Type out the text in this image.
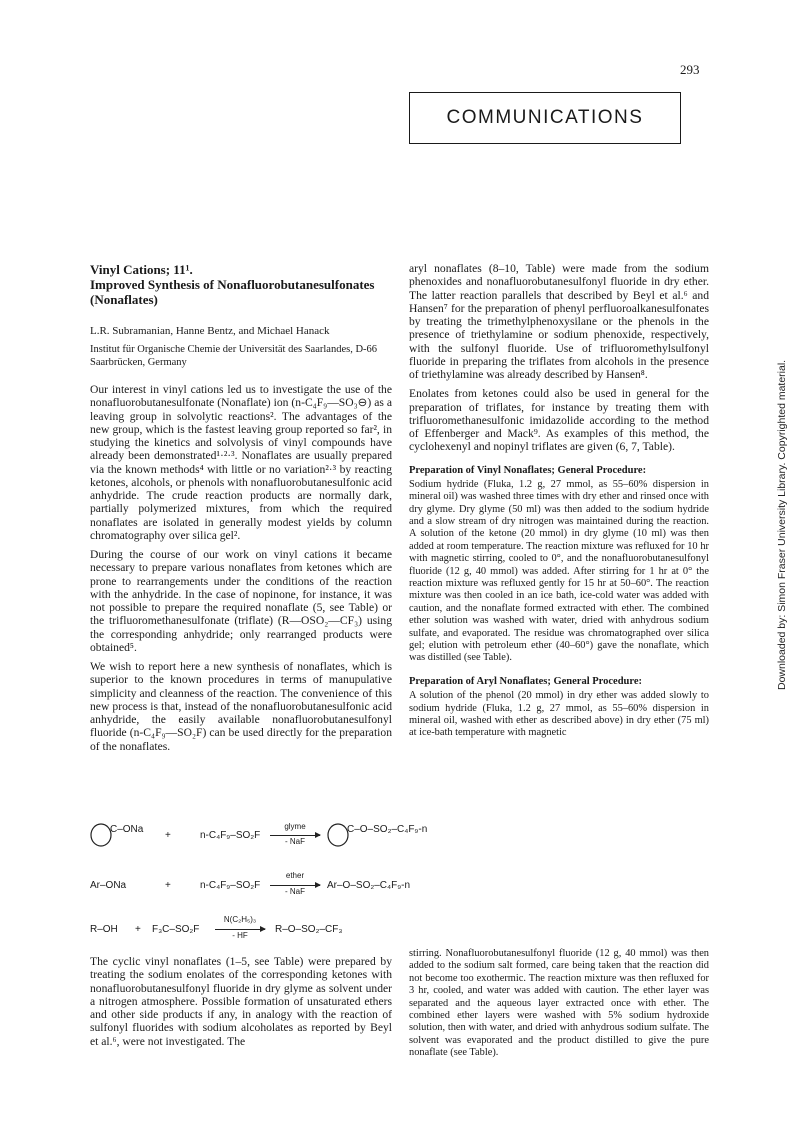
293
COMMUNICATIONS
Downloaded by: Simon Fraser University Library. Copyrighted material.
Vinyl Cations; 11¹.
Improved Synthesis of Nonafluorobutanesulfonates (Nonaflates)
L.R. Subramanian, Hanne Bentz, and Michael Hanack
Institut für Organische Chemie der Universität des Saarlandes, D-66 Saarbrücken, Germany

Our interest in vinyl cations led us to investigate the use of the nonafluorobutanesulfonate (Nonaflate) ion (n-C₄F₉—SO₃⊖) as a leaving group in solvolytic reactions². The advantages of the new group, which is the fastest leaving group reported so far², in studying the kinetics and solvolysis of vinyl compounds have already been demonstrated¹·²·³. Nonaflates are usually prepared via the known methods⁴ with little or no variation²·³ by reacting ketones, alcohols, or phenols with nonafluorobutanesulfonic acid anhydride. The crude reaction products are normally dark, partially polymerized mixtures, from which the required nonaflates are isolated in generally modest yields by column chromatography over silica gel².

During the course of our work on vinyl cations it became necessary to prepare various nonaflates from ketones which are prone to rearrangements under the conditions of the reaction with the anhydride. In the case of nopinone, for instance, it was not possible to prepare the required nonaflate (5, see Table) or the trifluoromethanesulfonate (triflate) (R—OSO₂—CF₃) using the corresponding anhydride; only rearranged products were obtained⁵.

We wish to report here a new synthesis of nonaflates, which is superior to the known procedures in terms of manupulative simplicity and cleanness of the reaction. The convenience of this new process is that, instead of the nonafluorobutanesulfonic acid anhydride, the easily available nonafluorobutanesulfonyl fluoride (n-C₄F₉—SO₂F) can be used directly for the preparation of the nonaflates.

C–ONa
+	n-C₄F₉–SO₂F
glyme
- NaF
C–O–SO₂–C₄F₉-n
Ar–ONa	+	n-C₄F₉–SO₂F
ether
- NaF
Ar–O–SO₂–C₄F₉-n
R–OH + F₃C–SO₂F
N(C₂H₅)₃
- HF
R–O–SO₂–CF₃

The cyclic vinyl nonaflates (1–5, see Table) were prepared by treating the sodium enolates of the corresponding ketones with nonafluorobutanesulfonyl fluoride in dry glyme as solvent under a nitrogen atmosphere. Possible formation of unsaturated ethers and other side products if any, in analogy with the reaction of sulfonyl fluorides with sodium alcoholates as reported by Beyl et al.⁶, were not investigated. The

aryl nonaflates (8–10, Table) were made from the sodium phenoxides and nonafluorobutanesulfonyl fluoride in dry ether. The latter reaction parallels that described by Beyl et al.⁶ and Hansen⁷ for the preparation of phenyl perfluoroalkanesulfonates by treating the trimethylphenoxysilane or the phenols in the presence of triethylamine or sodium phenoxide, respectively, with the sulfonyl fluoride. Use of trifluoromethylsulfonyl fluoride in preparing the triflates from alcohols in the presence of triethylamine was already described by Hansen⁸.

Enolates from ketones could also be used in general for the preparation of triflates, for instance by treating them with trifluoromethanesulfonic imidazolide according to the method of Effenberger and Mack⁹. As examples of this method, the cyclohexenyl and nopinyl triflates are given (6, 7, Table).

Preparation of Vinyl Nonaflates; General Procedure:

Sodium hydride (Fluka, 1.2 g, 27 mmol, as 55–60% dispersion in mineral oil) was washed three times with dry ether and rinsed once with dry glyme. Dry glyme (50 ml) was then added to the sodium hydride and a slow stream of dry nitrogen was maintained during the reaction. A solution of the ketone (20 mmol) in dry glyme (10 ml) was then added at room temperature. The reaction mixture was refluxed for 10 hr with magnetic stirring, cooled to 0°, and the nonafluorobutanesulfonyl fluoride (12 g, 40 mmol) was added. After stirring for 1 hr at 0° the reaction mixture was refluxed gently for 15 hr at 50–60°. The reaction mixture was then cooled in an ice bath, ice-cold water was added with caution, and the nonaflate formed extracted with ether. The combined ether solution was washed with water, dried with anhydrous sodium sulfate, and evaporated. The residue was chromatographed over silica gel; elution with petroleum ether (40–60°) gave the nonaflate, which was distilled (see Table).

Preparation of Aryl Nonaflates; General Procedure:

A solution of the phenol (20 mmol) in dry ether was added slowly to sodium hydride (Fluka, 1.2 g, 27 mmol, as 55–60% dispersion in mineral oil, washed with ether as described above) in dry ether (75 ml) at ice-bath temperature with magnetic

stirring. Nonafluorobutanesulfonyl fluoride (12 g, 40 mmol) was then added to the sodium salt formed, care being taken that the reaction did not become too exothermic. The reaction mixture was then refluxed for 3 hr, cooled, and water was added with caution. The ether layer was separated and the aqueous layer extracted once with ether. The combined ether layers were washed with 5% sodium hydroxide solution, then with water, and dried with anhydrous sodium sulfate. The solvent was evaporated and the product distilled to give the pure nonaflate (see Table).
